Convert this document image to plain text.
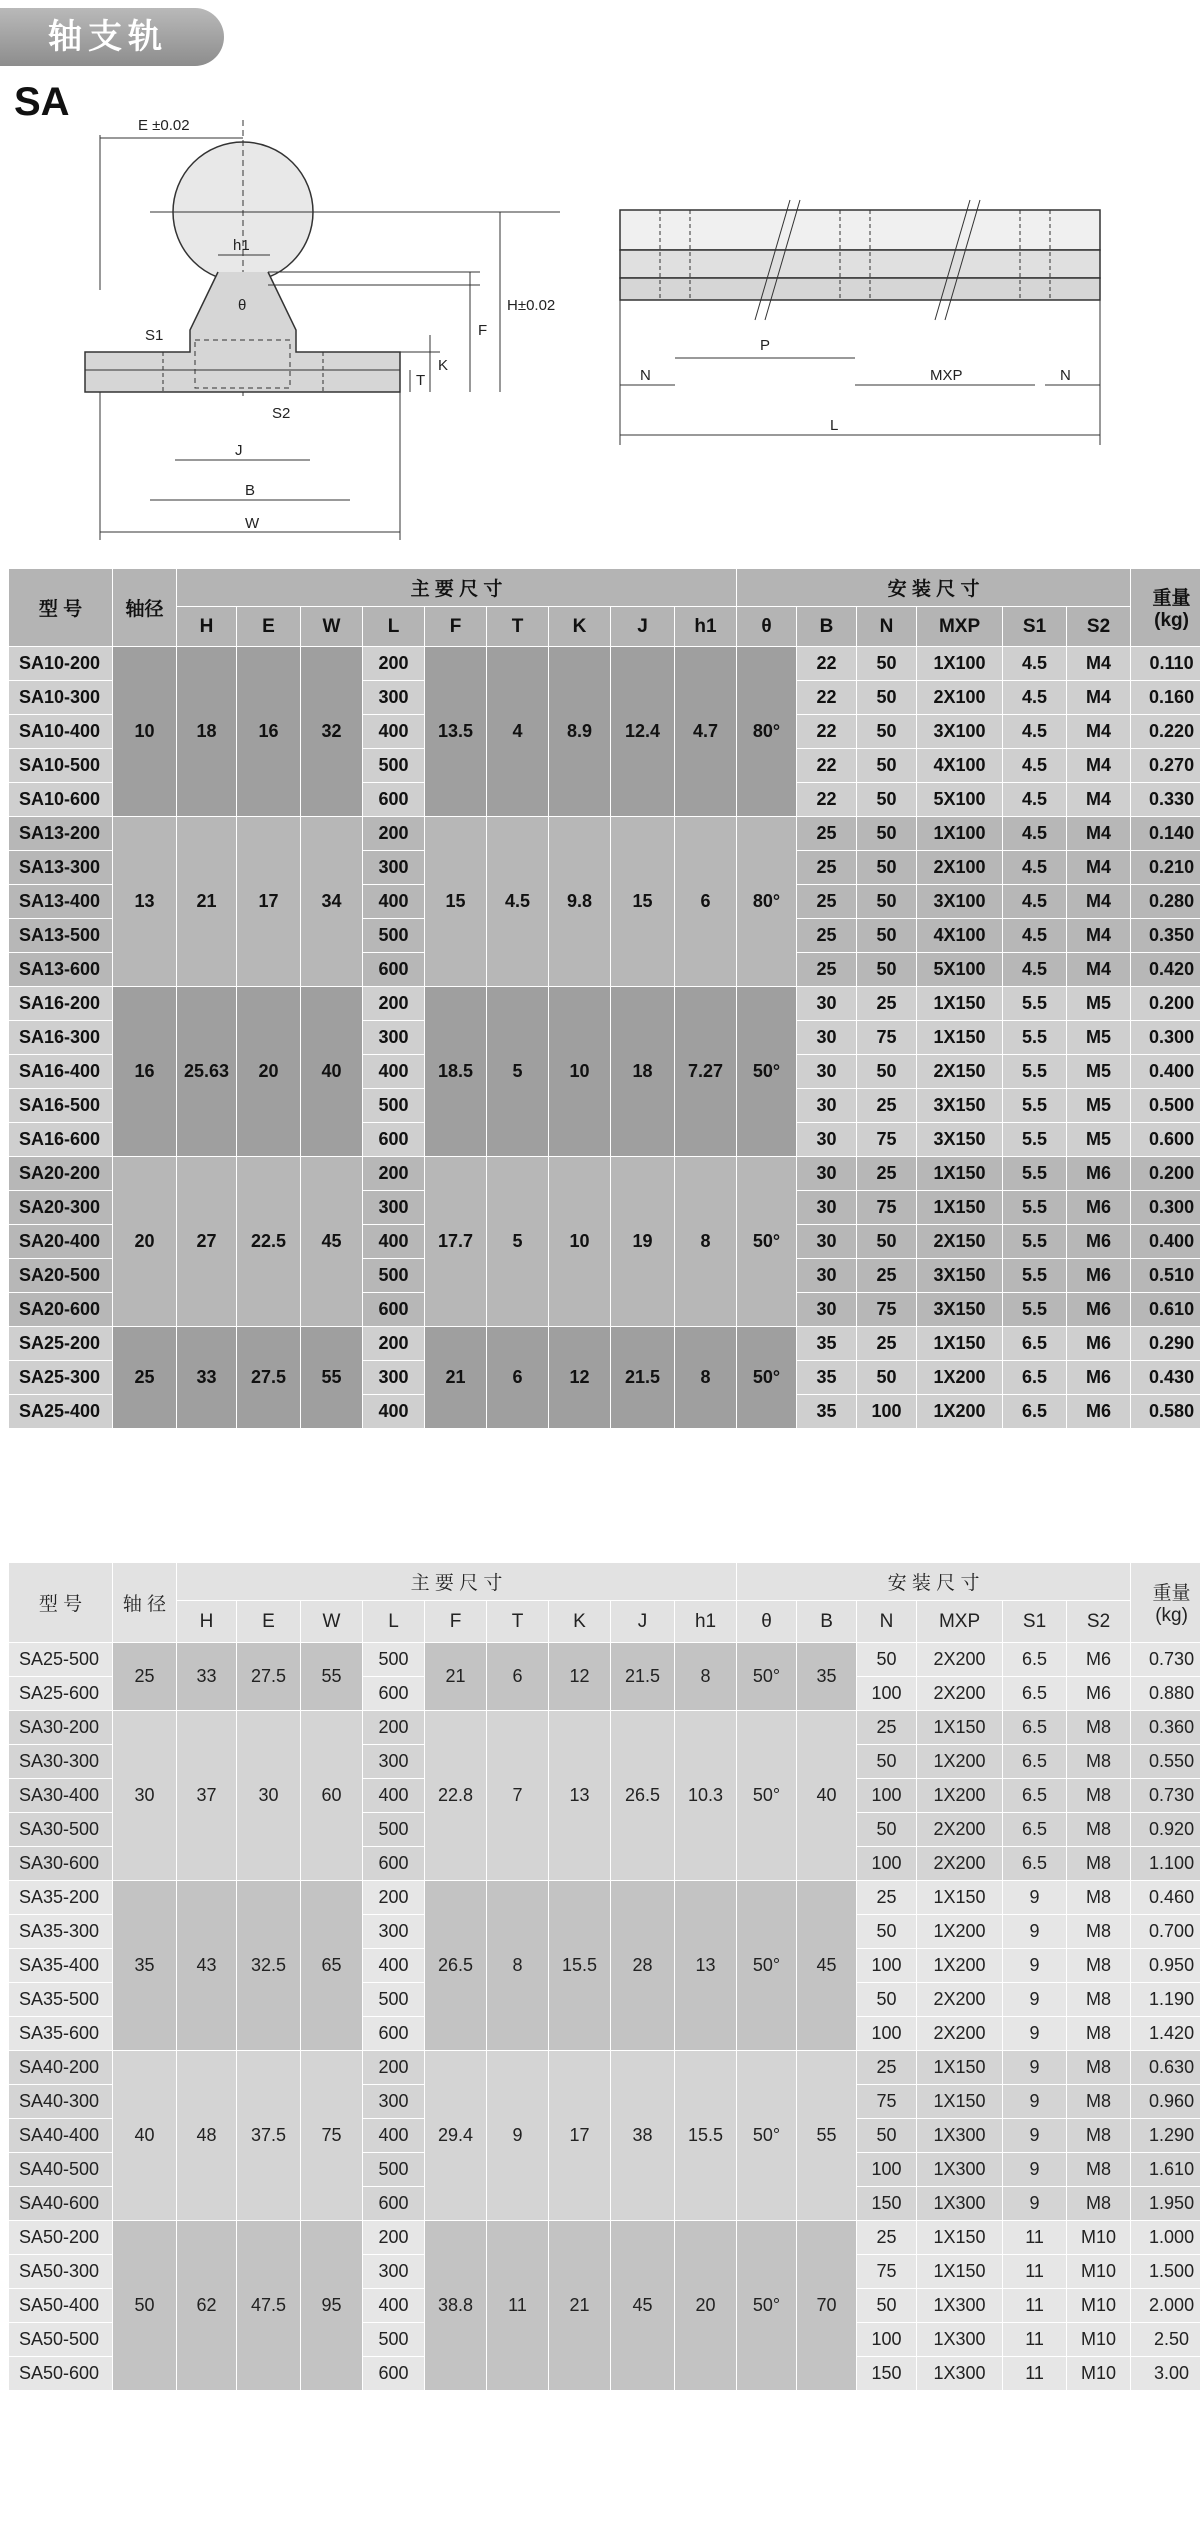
轴支轨
SA
E ±0.02
h1
θ
S1
S2
J
B
W
F
H±0.02
K
T	N
P
MXP	N
L
型 号	轴径	主 要 尺 寸									安 装 尺 寸						重量
(kg)

		H	E	W	L	F	T	K	J	h1	θ	B	N	MXP	S1	S2	
SA10-200	10	18	16	32	200	13.5	4	8.9	12.4	4.7	80°	22	50	1X100	4.5	M4	0.110
SA10-300					300							22	50	2X100	4.5	M4	0.160
SA10-400					400							22	50	3X100	4.5	M4	0.220
SA10-500					500							22	50	4X100	4.5	M4	0.270
SA10-600					600							22	50	5X100	4.5	M4	0.330
SA13-200	13	21	17	34	200	15	4.5	9.8	15	6	80°	25	50	1X100	4.5	M4	0.140
SA13-300					300							25	50	2X100	4.5	M4	0.210
SA13-400					400							25	50	3X100	4.5	M4	0.280
SA13-500					500							25	50	4X100	4.5	M4	0.350
SA13-600					600							25	50	5X100	4.5	M4	0.420
SA16-200	16	25.63	20	40	200	18.5	5	10	18	7.27	50°	30	25	1X150	5.5	M5	0.200
SA16-300					300							30	75	1X150	5.5	M5	0.300
SA16-400					400							30	50	2X150	5.5	M5	0.400
SA16-500					500							30	25	3X150	5.5	M5	0.500
SA16-600					600							30	75	3X150	5.5	M5	0.600
SA20-200	20	27	22.5	45	200	17.7	5	10	19	8	50°	30	25	1X150	5.5	M6	0.200
SA20-300					300							30	75	1X150	5.5	M6	0.300
SA20-400					400							30	50	2X150	5.5	M6	0.400
SA20-500					500							30	25	3X150	5.5	M6	0.510
SA20-600					600							30	75	3X150	5.5	M6	0.610
SA25-200	25	33	27.5	55	200	21	6	12	21.5	8	50°	35	25	1X150	6.5	M6	0.290
SA25-300					300							35	50	1X200	6.5	M6	0.430
SA25-400					400							35	100	1X200	6.5	M6	0.580
型 号	轴 径	主 要 尺 寸									安 装 尺 寸						重量
(kg)

		H	E	W	L	F	T	K	J	h1	θ	B	N	MXP	S1	S2	
SA25-500	25	33	27.5	55	500	21	6	12	21.5	8	50°	35	50	2X200	6.5	M6	0.730
SA25-600					600								100	2X200	6.5	M6	0.880
SA30-200	30	37	30	60	200	22.8	7	13	26.5	10.3	50°	40	25	1X150	6.5	M8	0.360
SA30-300					300								50	1X200	6.5	M8	0.550
SA30-400					400								100	1X200	6.5	M8	0.730
SA30-500					500								50	2X200	6.5	M8	0.920
SA30-600					600								100	2X200	6.5	M8	1.100
SA35-200	35	43	32.5	65	200	26.5	8	15.5	28	13	50°	45	25	1X150	9	M8	0.460
SA35-300					300								50	1X200	9	M8	0.700
SA35-400					400								100	1X200	9	M8	0.950
SA35-500					500								50	2X200	9	M8	1.190
SA35-600					600								100	2X200	9	M8	1.420
SA40-200	40	48	37.5	75	200	29.4	9	17	38	15.5	50°	55	25	1X150	9	M8	0.630
SA40-300					300								75	1X150	9	M8	0.960
SA40-400					400								50	1X300	9	M8	1.290
SA40-500					500								100	1X300	9	M8	1.610
SA40-600					600								150	1X300	9	M8	1.950
SA50-200	50	62	47.5	95	200	38.8	11	21	45	20	50°	70	25	1X150	11	M10	1.000
SA50-300					300								75	1X150	11	M10	1.500
SA50-400					400								50	1X300	11	M10	2.000
SA50-500					500								100	1X300	11	M10	2.50
SA50-600					600								150	1X300	11	M10	3.00
